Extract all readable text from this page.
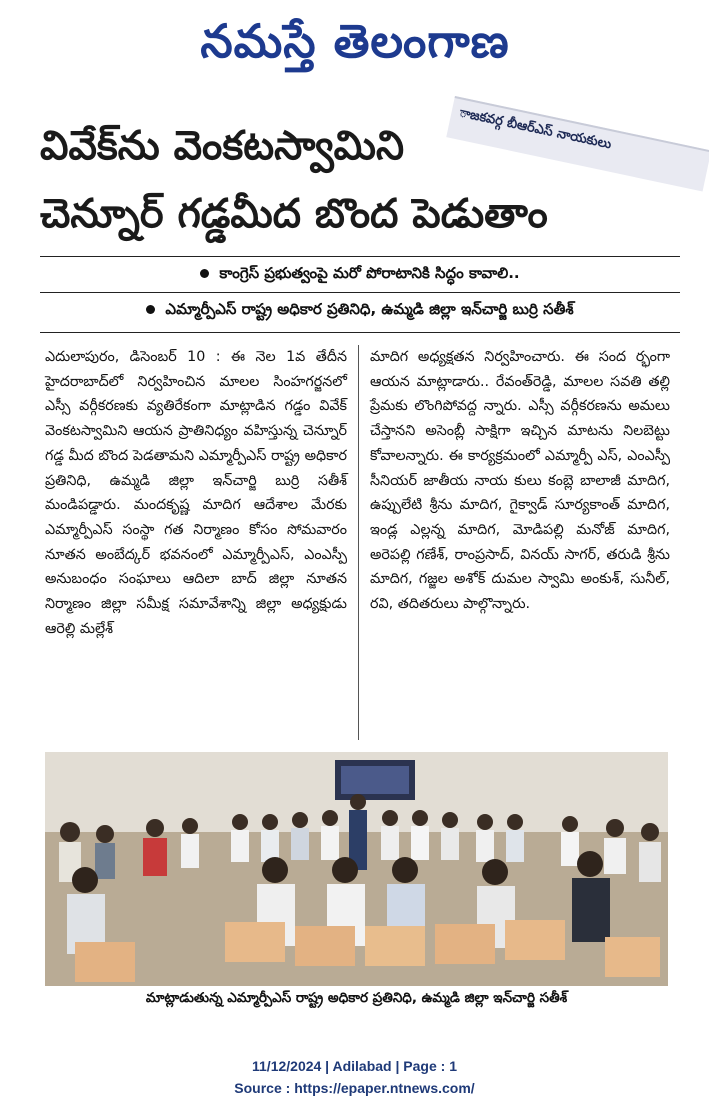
నమస్తే తెలంగాణ
ాజకవర్గ బీఆర్ఎస్ నాయకులు
వివేక్‌ను వెంకటస్వామిని
చెన్నూర్ గడ్డమీద బొంద పెడుతాం
కాంగ్రెస్ ప్రభుత్వంపై మరో పోరాటానికి సిద్ధం కావాలి..
ఎమ్మార్పీఎస్ రాష్ట్ర అధికార ప్రతినిధి, ఉమ్మడి జిల్లా ఇన్‌చార్జి బుర్రి సతీశ్
ఎదులాపురం, డిసెంబర్ 10 : ఈ నెల 1వ తేదీన హైదరాబాద్‌లో నిర్వహించిన మాలల సింహగర్జనలో ఎస్సీ వర్గీకరణకు వ్యతిరేకంగా మాట్లాడిన గడ్డం వివేక్ వెంకటస్వామిని ఆయన ప్రాతినిధ్యం వహిస్తున్న చెన్నూర్ గడ్డ మీద బొంద పెడతామని ఎమ్మార్పీఎస్ రాష్ట్ర అధికార ప్రతినిధి, ఉమ్మడి జిల్లా ఇన్‌చార్జి బుర్రి సతీశ్ మండిపడ్డారు. మందకృష్ణ మాదిగ ఆదేశాల మేరకు ఎమ్మార్పీఎస్ సంస్థా గత నిర్మాణం కోసం సోమవారం నూతన అంబేద్కర్ భవనంలో ఎమ్మార్పీఎస్, ఎంఎస్పీ అనుబంధం సంఘాలు ఆదిలా బాద్ జిల్లా నూతన నిర్మాణం జిల్లా సమీక్ష సమావేశాన్ని జిల్లా అధ్యక్షుడు ఆరెల్లి మల్లేశ్
మాదిగ అధ్యక్షతన నిర్వహించారు. ఈ సంద ర్భంగా ఆయన మాట్లాడారు.. రేవంత్‌రెడ్డి, మాలల సవతి తల్లి ప్రేమకు లొంగిపోవద్ద న్నారు. ఎస్సీ వర్గీకరణను అమలు చేస్తానని అసెంబ్లీ సాక్షిగా ఇచ్చిన మాటను నిలబెట్టు కోవాలన్నారు. ఈ కార్యక్రమంలో ఎమ్మార్పీ ఎస్, ఎంఎస్పీ సీనియర్ జాతీయ నాయ కులు కంబ్లె బాలాజీ మాదిగ, ఉప్పులేటి శ్రీను మాదిగ, గైక్వాడ్ సూర్యకాంత్ మాదిగ, ఇండ్ల ఎల్లన్న మాదిగ, మోడిపల్లి మనోజ్ మాదిగ, అరెపల్లి గణేశ్, రాంప్రసాద్, వినయ్ సాగర్, తరుడి శ్రీను మాదిగ, గజ్జల అశోక్ దుమల స్వామి అంకుశ్, సునీల్, రవి, తదితరులు పాల్గొన్నారు.
మాట్లాడుతున్న ఎమ్మార్పీఎస్ రాష్ట్ర అధికార ప్రతినిధి, ఉమ్మడి జిల్లా ఇన్‌చార్జి సతీశ్
11/12/2024 | Adilabad | Page : 1
Source : https://epaper.ntnews.com/
